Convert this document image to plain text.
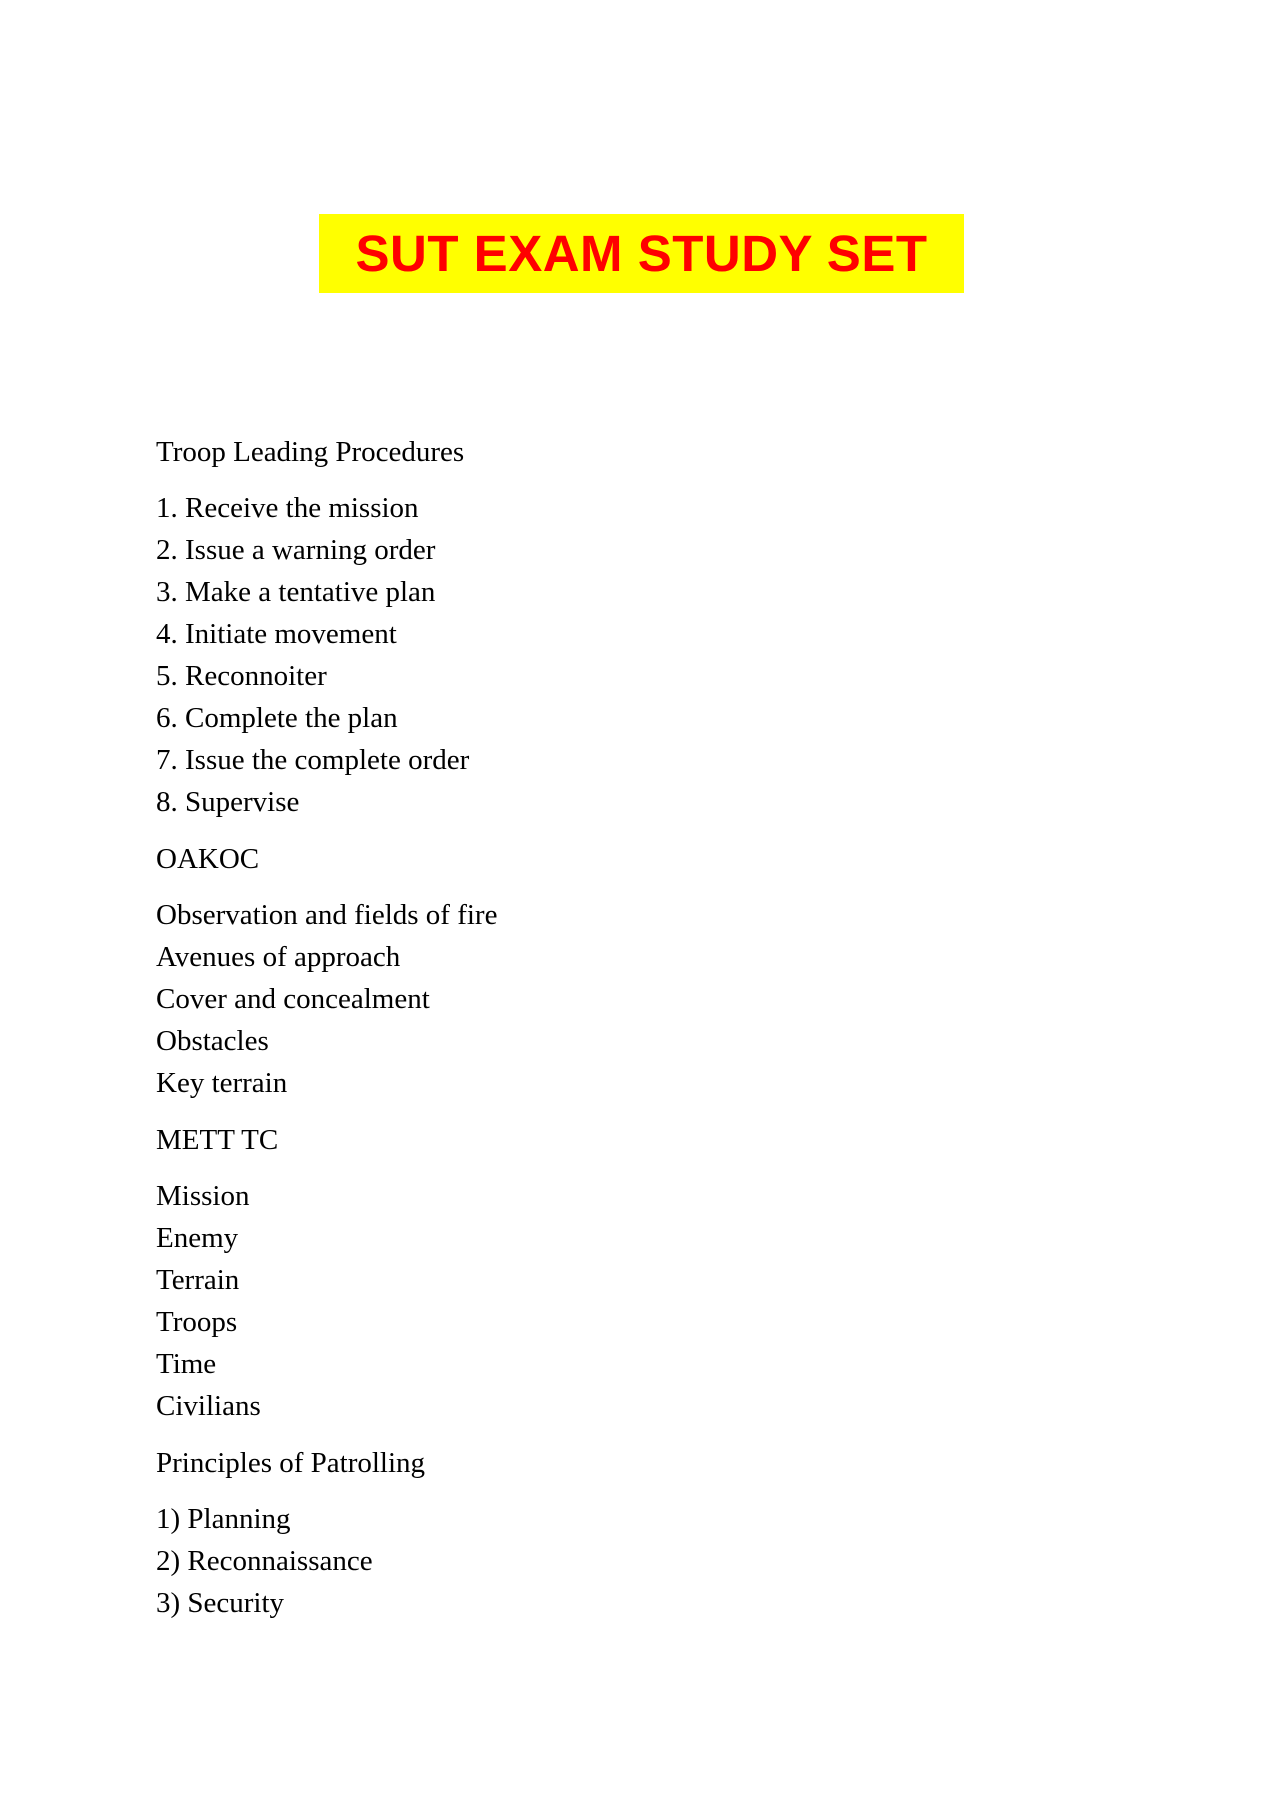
SUT EXAM STUDY SET

Troop Leading Procedures

1. Receive the mission
2. Issue a warning order
3. Make a tentative plan
4. Initiate movement
5. Reconnoiter
6. Complete the plan
7. Issue the complete order
8. Supervise

OAKOC

Observation and fields of fire
Avenues of approach
Cover and concealment
Obstacles
Key terrain

METT TC

Mission
Enemy
Terrain
Troops
Time
Civilians

Principles of Patrolling

1) Planning
2) Reconnaissance
3) Security
